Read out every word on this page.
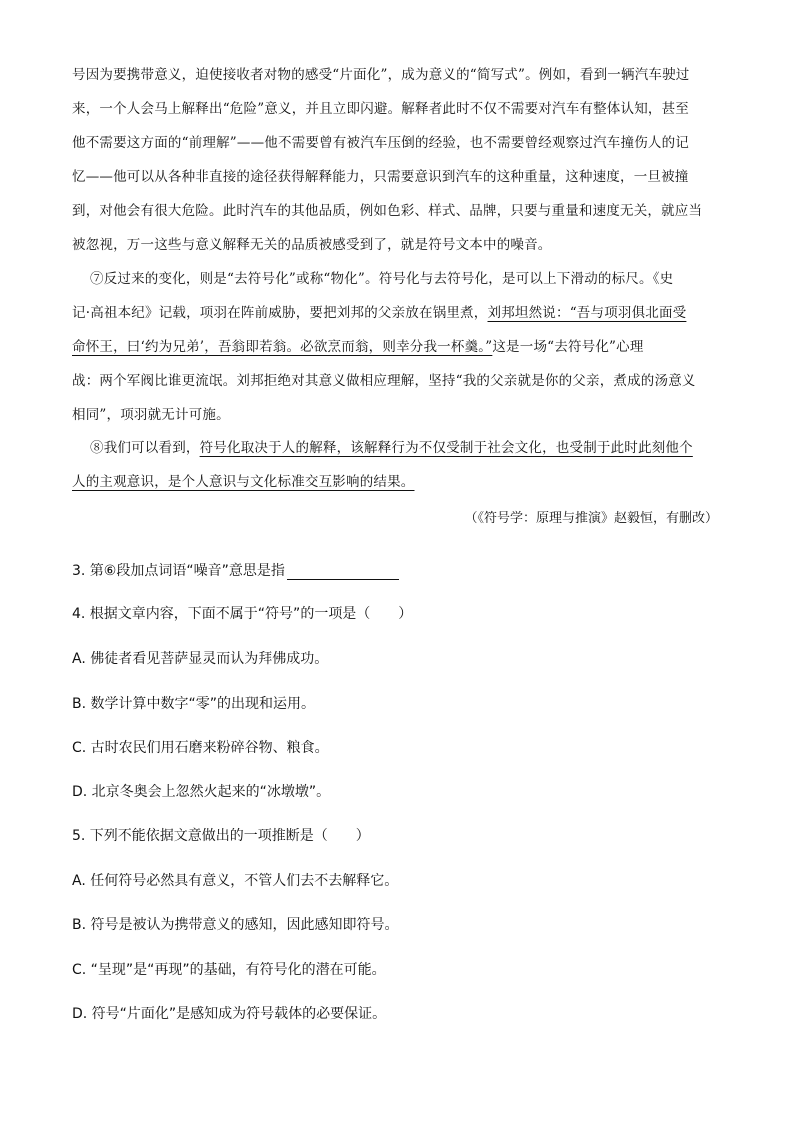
号因为要携带意义，迫使接收者对物的感受“片面化”，成为意义的“简写式”。例如，看到一辆汽车驶过
来，一个人会马上解释出“危险”意义，并且立即闪避。解释者此时不仅不需要对汽车有整体认知，甚至
他不需要这方面的“前理解”——他不需要曾有被汽车压倒的经验，也不需要曾经观察过汽车撞伤人的记
忆——他可以从各种非直接的途径获得解释能力，只需要意识到汽车的这种重量，这种速度，一旦被撞
到，对他会有很大危险。此时汽车的其他品质，例如色彩、样式、品牌，只要与重量和速度无关，就应当
被忽视，万一这些与意义解释无关的品质被感受到了，就是符号文本中的噪音。
⑦反过来的变化，则是“去符号化”或称“物化”。符号化与去符号化，是可以上下滑动的标尺。《史
记·高祖本纪》记载，项羽在阵前威胁，要把刘邦的父亲放在锅里煮，刘邦坦然说：“吾与项羽俱北面受
命怀王，曰‘约为兄弟’，吾翁即若翁。必欲烹而翁，则幸分我一杯羹。”这是一场“去符号化”心理
战：两个军阀比谁更流氓。刘邦拒绝对其意义做相应理解，坚持“我的父亲就是你的父亲，煮成的汤意义
相同”，项羽就无计可施。
⑧我们可以看到，符号化取决于人的解释，该解释行为不仅受制于社会文化，也受制于此时此刻他个
人的主观意识，是个人意识与文化标准交互影响的结果。
（《符号学：原理与推演》赵毅恒，有删改）
3. 第⑥段加点词语“噪音”意思是指
4. 根据文章内容，下面不属于“符号”的一项是（　　）
A. 佛徒者看见菩萨显灵而认为拜佛成功。
B. 数学计算中数字“零”的出现和运用。
C. 古时农民们用石磨来粉碎谷物、粮食。
D. 北京冬奥会上忽然火起来的“冰墩墩”。
5. 下列不能依据文意做出的一项推断是（　　）
A. 任何符号必然具有意义，不管人们去不去解释它。
B. 符号是被认为携带意义的感知，因此感知即符号。
C. “呈现”是“再现”的基础，有符号化的潜在可能。
D. 符号“片面化”是感知成为符号载体的必要保证。
